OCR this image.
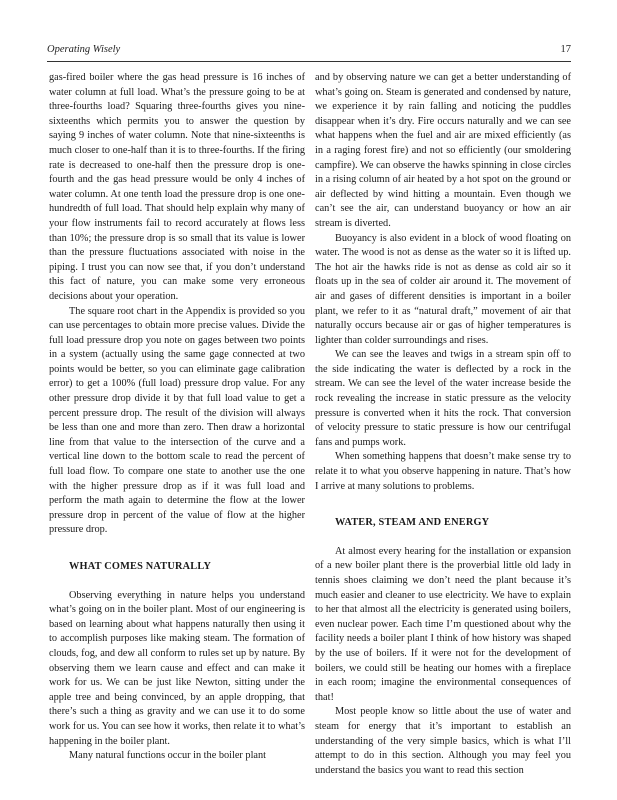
Operating Wisely	17

gas-fired boiler where the gas head pressure is 16 inches of water column at full load. What’s the pressure going to be at three-fourths load? Squaring three-fourths gives you nine-sixteenths which permits you to answer the question by saying 9 inches of water column. Note that nine-sixteenths is much closer to one-half than it is to three-fourths. If the firing rate is decreased to one-half then the pressure drop is one-fourth and the gas head pressure would be only 4 inches of water column. At one tenth load the pressure drop is one one-hundredth of full load. That should help explain why many of your flow instruments fail to record accurately at flows less than 10%; the pressure drop is so small that its value is lower than the pressure fluctuations associated with noise in the piping. I trust you can now see that, if you don’t understand this fact of nature, you can make some very erroneous decisions about your operation.

The square root chart in the Appendix is provided so you can use percentages to obtain more precise values. Divide the full load pressure drop you note on gages between two points in a system (actually using the same gage connected at two points would be better, so you can eliminate gage calibration error) to get a 100% (full load) pressure drop value. For any other pressure drop divide it by that full load value to get a percent pressure drop. The result of the division will always be less than one and more than zero. Then draw a horizontal line from that value to the intersection of the curve and a vertical line down to the bottom scale to read the percent of full load flow. To compare one state to another use the one with the higher pressure drop as if it was full load and perform the math again to determine the flow at the lower pressure drop in percent of the value of flow at the higher pressure drop.

WHAT COMES NATURALLY

Observing everything in nature helps you understand what’s going on in the boiler plant. Most of our engineering is based on learning about what happens naturally then using it to accomplish purposes like making steam. The formation of clouds, fog, and dew all conform to rules set up by nature. By observing them we learn cause and effect and can make it work for us. We can be just like Newton, sitting under the apple tree and being convinced, by an apple dropping, that there’s such a thing as gravity and we can use it to do some work for us. You can see how it works, then relate it to what’s happening in the boiler plant.

Many natural functions occur in the boiler plant

and by observing nature we can get a better understanding of what’s going on. Steam is generated and condensed by nature, we experience it by rain falling and noticing the puddles disappear when it’s dry. Fire occurs naturally and we can see what happens when the fuel and air are mixed efficiently (as in a raging forest fire) and not so efficiently (our smoldering campfire). We can observe the hawks spinning in close circles in a rising column of air heated by a hot spot on the ground or air deflected by wind hitting a mountain. Even though we can’t see the air, can understand buoyancy or how an air stream is diverted.

Buoyancy is also evident in a block of wood floating on water. The wood is not as dense as the water so it is lifted up. The hot air the hawks ride is not as dense as cold air so it floats up in the sea of colder air around it. The movement of air and gases of different densities is important in a boiler plant, we refer to it as “natural draft,” movement of air that naturally occurs because air or gas of higher temperatures is lighter than colder surroundings and rises.

We can see the leaves and twigs in a stream spin off to the side indicating the water is deflected by a rock in the stream. We can see the level of the water increase beside the rock revealing the increase in static pressure as the velocity pressure is converted when it hits the rock. That conversion of velocity pressure to static pressure is how our centrifugal fans and pumps work.

When something happens that doesn’t make sense try to relate it to what you observe happening in nature. That’s how I arrive at many solutions to problems.

WATER, STEAM AND ENERGY

At almost every hearing for the installation or expansion of a new boiler plant there is the proverbial little old lady in tennis shoes claiming we don’t need the plant because it’s much easier and cleaner to use electricity. We have to explain to her that almost all the electricity is generated using boilers, even nuclear power. Each time I’m questioned about why the facility needs a boiler plant I think of how history was shaped by the use of boilers. If it were not for the development of boilers, we could still be heating our homes with a fireplace in each room; imagine the environmental consequences of that!

Most people know so little about the use of water and steam for energy that it’s important to establish an understanding of the very simple basics, which is what I’ll attempt to do in this section. Although you may feel you understand the basics you want to read this section
